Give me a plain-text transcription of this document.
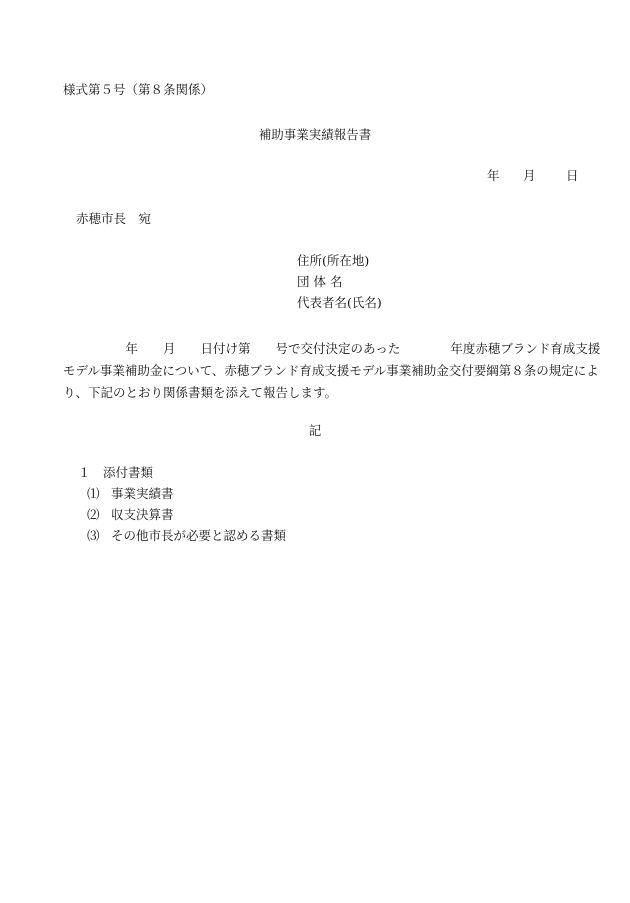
様式第５号（第８条関係）
補助事業実績報告書
年 月 日
赤穂市長　宛
住所(所在地)
団 体 名
代表者名(氏名)
　　　　　年　　月　　日付け第　　号で交付決定のあった　　　　年度赤穂ブランド育成支援
モデル事業補助金について、赤穂ブランド育成支援モデル事業補助金交付要綱第８条の規定によ
り、下記のとおり関係書類を添えて報告します。
記
１　添付書類
⑴ 事業実績書
⑵ 収支決算書
⑶ その他市長が必要と認める書類
